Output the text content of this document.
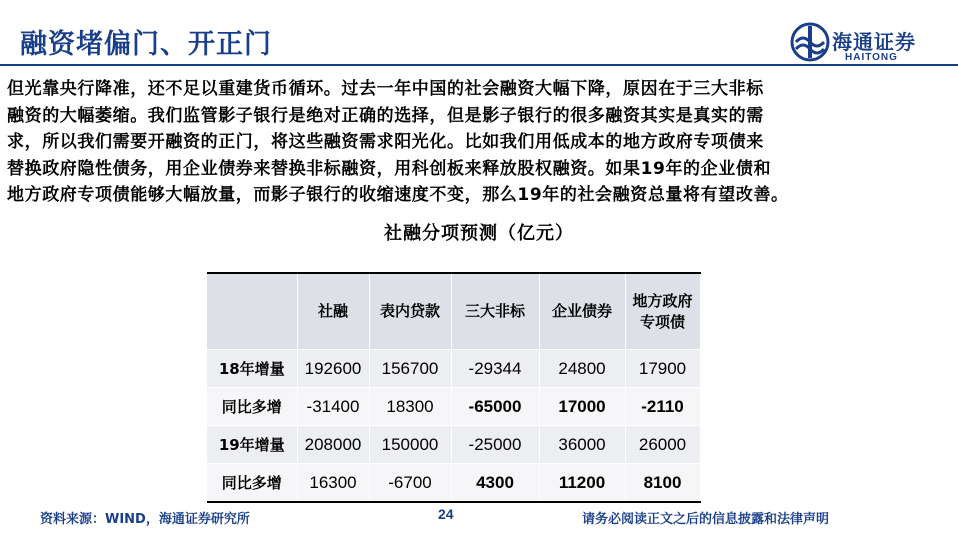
融资堵偏门、开正门	海通证券
HAITONG
但光靠央行降准，还不足以重建货币循环。过去一年中国的社会融资大幅下降，原因在于三大非标
融资的大幅萎缩。我们监管影子银行是绝对正确的选择，但是影子银行的很多融资其实是真实的需
求，所以我们需要开融资的正门，将这些融资需求阳光化。比如我们用低成本的地方政府专项债来
替换政府隐性债务，用企业债券来替换非标融资，用科创板来释放股权融资。如果19年的企业债和
地方政府专项债能够大幅放量，而影子银行的收缩速度不变，那么19年的社会融资总量将有望改善。
社融分项预测（亿元）
	社融	表内贷款	三大非标	企业债券	地方政府
专项债
18年增量	192600	156700	-29344	24800	17900
同比多增	-31400	18300	-65000	17000	-2110
19年增量	208000	150000	-25000	36000	26000
同比多增	16300	-6700	4300	11200	8100
资料来源：WIND，海通证券研究所	24	请务必阅读正文之后的信息披露和法律声明
